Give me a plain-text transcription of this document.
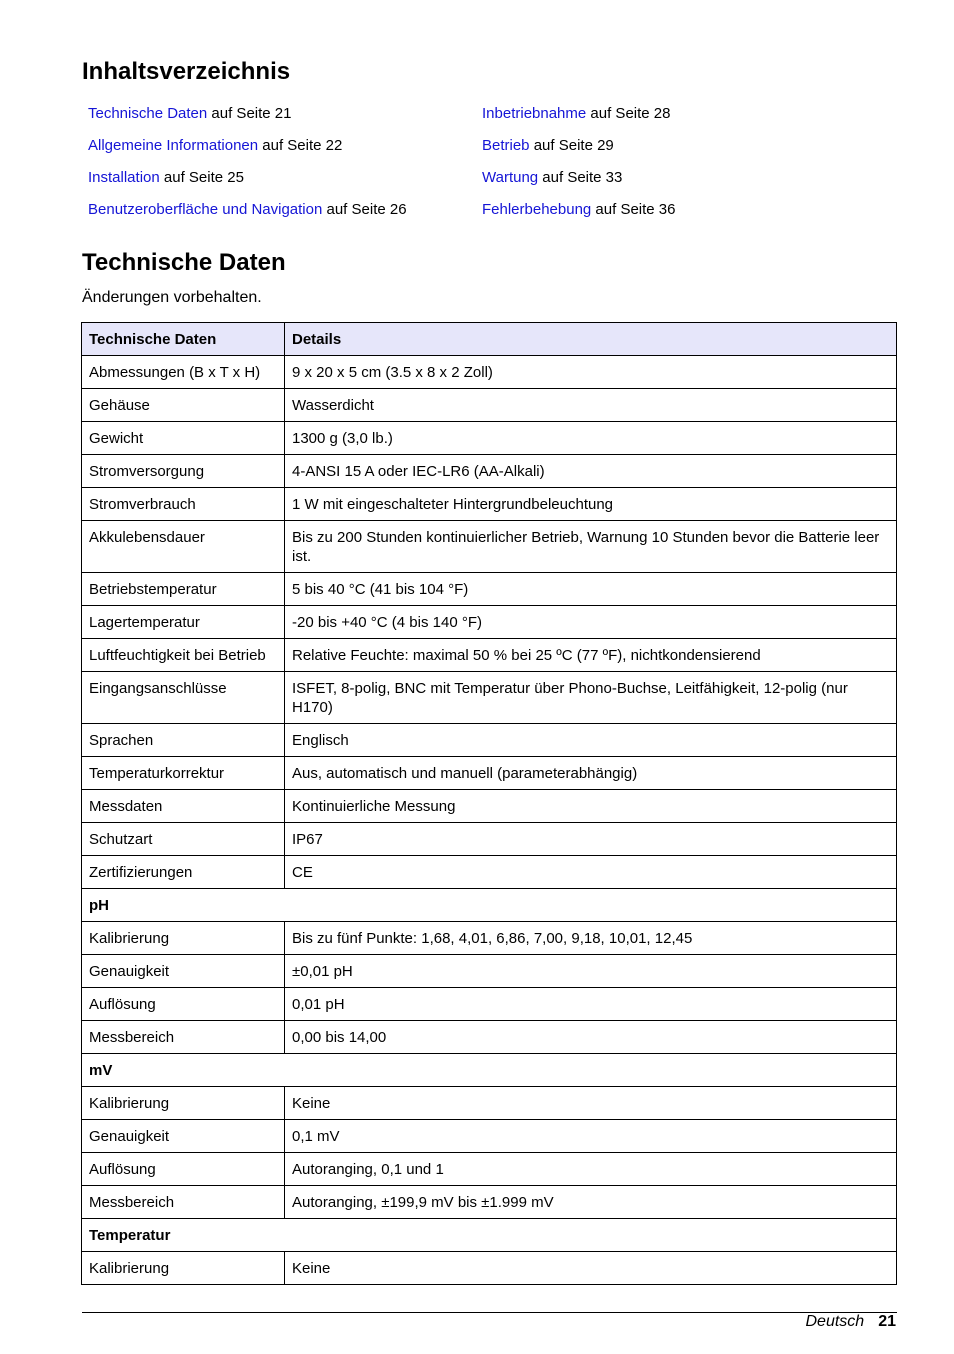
Inhaltsverzeichnis
Technische Daten auf Seite 21	Inbetriebnahme auf Seite 28
Allgemeine Informationen auf Seite 22	Betrieb auf Seite 29
Installation auf Seite 25	Wartung auf Seite 33
Benutzeroberfläche und Navigation auf Seite 26	Fehlerbehebung auf Seite 36
Technische Daten
Änderungen vorbehalten.
Technische Daten	Details
Abmessungen (B x T x H)	9 x 20 x 5 cm (3.5 x 8 x 2 Zoll)
Gehäuse	Wasserdicht
Gewicht	1300 g (3,0 lb.)
Stromversorgung	4-ANSI 15 A oder IEC-LR6 (AA-Alkali)
Stromverbrauch	1 W mit eingeschalteter Hintergrundbeleuchtung
Akkulebensdauer	Bis zu 200 Stunden kontinuierlicher Betrieb, Warnung 10 Stunden bevor die Batterie leer ist.
Betriebstemperatur	5 bis 40 °C (41 bis 104 °F)
Lagertemperatur	-20 bis +40 °C (4 bis 140 °F)
Luftfeuchtigkeit bei Betrieb	Relative Feuchte: maximal 50 % bei 25 ºC (77 ºF), nichtkondensierend
Eingangsanschlüsse	ISFET, 8-polig, BNC mit Temperatur über Phono-Buchse, Leitfähigkeit, 12-polig (nur H170)
Sprachen	Englisch
Temperaturkorrektur	Aus, automatisch und manuell (parameterabhängig)
Messdaten	Kontinuierliche Messung
Schutzart	IP67
Zertifizierungen	CE
pH	
Kalibrierung	Bis zu fünf Punkte: 1,68, 4,01, 6,86, 7,00, 9,18, 10,01, 12,45
Genauigkeit	±0,01 pH
Auflösung	0,01 pH
Messbereich	0,00 bis 14,00
mV	
Kalibrierung	Keine
Genauigkeit	0,1 mV
Auflösung	Autoranging, 0,1 und 1
Messbereich	Autoranging, ±199,9 mV bis ±1.999 mV
Temperatur	
Kalibrierung	Keine
Deutsch 21
